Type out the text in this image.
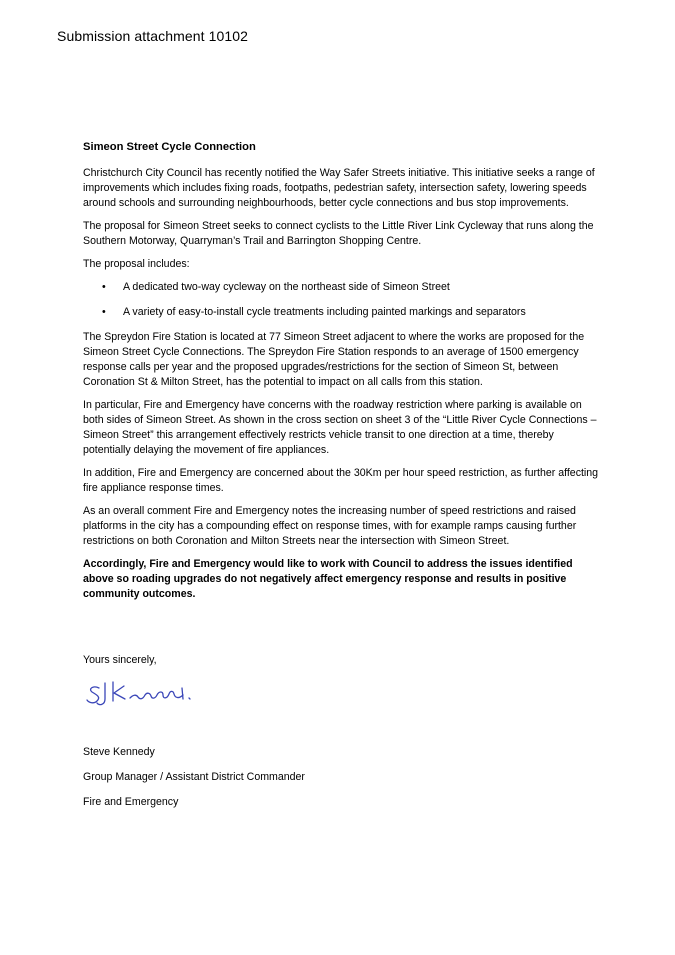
Submission attachment 10102
Simeon Street Cycle Connection

Christchurch City Council has recently notified the Way Safer Streets initiative. This initiative seeks a range of improvements which includes fixing roads, footpaths, pedestrian safety, intersection safety, lowering speeds around schools and surrounding neighbourhoods, better cycle connections and bus stop improvements.

The proposal for Simeon Street seeks to connect cyclists to the Little River Link Cycleway that runs along the Southern Motorway, Quarryman’s Trail and Barrington Shopping Centre.

The proposal includes:

• A dedicated two-way cycleway on the northeast side of Simeon Street
• A variety of easy-to-install cycle treatments including painted markings and separators

The Spreydon Fire Station is located at 77 Simeon Street adjacent to where the works are proposed for the Simeon Street Cycle Connections. The Spreydon Fire Station responds to an average of 1500 emergency response calls per year and the proposed upgrades/restrictions for the section of Simeon St, between Coronation St & Milton Street, has the potential to impact on all calls from this station.

In particular, Fire and Emergency have concerns with the roadway restriction where parking is available on both sides of Simeon Street. As shown in the cross section on sheet 3 of the “Little River Cycle Connections – Simeon Street” this arrangement effectively restricts vehicle transit to one direction at a time, thereby potentially delaying the movement of fire appliances.

In addition, Fire and Emergency are concerned about the 30Km per hour speed restriction, as further affecting fire appliance response times.

As an overall comment Fire and Emergency notes the increasing number of speed restrictions and raised platforms in the city has a compounding effect on response times, with for example ramps causing further restrictions on both Coronation and Milton Streets near the intersection with Simeon Street.

Accordingly, Fire and Emergency would like to work with Council to address the issues identified above so roading upgrades do not negatively affect emergency response and results in positive community outcomes.

Yours sincerely,
Steve Kennedy
Group Manager / Assistant District Commander
Fire and Emergency
